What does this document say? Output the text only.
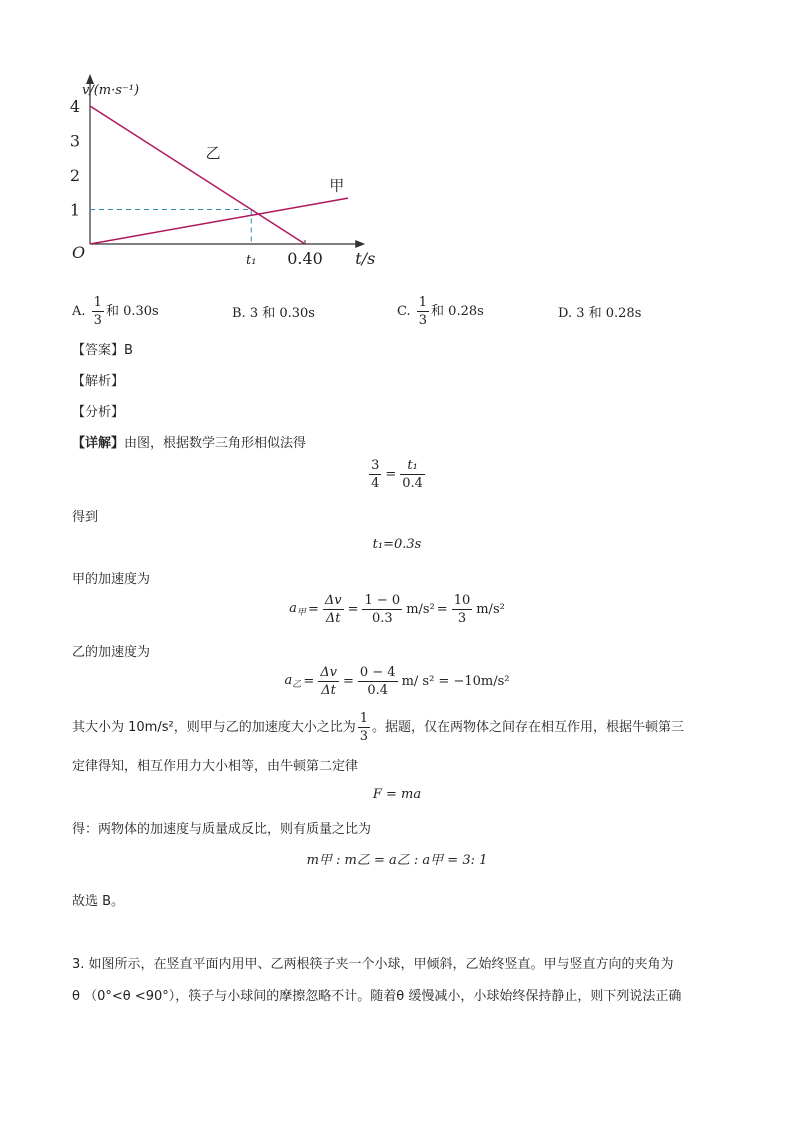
1
2
3
4
O
v/(m·s⁻¹)
t/s
t₁ 0.40
乙
甲
A. $\frac{1}{3}$ 和 0.30s	B. 3 和 0.30s	C. $\frac{1}{3}$ 和 0.28s	D. 3 和 0.28s
【答案】B
【解析】
【分析】
【详解】由图，根据数学三角形相似法得
$\frac{3}{4} = \frac{\text{t₁}}{0.4}$
得到
t₁=0.3s
甲的加速度为
$a_甲 = \frac{\Delta v}{\Delta t} = \frac{1 - 0}{0.3} m/s^2 = \frac{10}{3} m/s^2$
乙的加速度为
$a_乙 = \frac{\Delta v}{\Delta t} = \frac{0 - 4}{0.4} m/$ s² = −10m/s²
其大小为 10m/s²，则甲与乙的加速度大小之比为 $\frac{1}{3}$ 。据题，仅在两物体之间存在相互作用，根据牛顿第三
定律得知，相互作用力大小相等，由牛顿第二定律
F = ma
得：两物体的加速度与质量成反比，则有质量之比为
m甲 : m乙 = a乙 : a甲 = 3: 1
故选 B。
3. 如图所示，在竖直平面内用甲、乙两根筷子夹一个小球，甲倾斜，乙始终竖直。甲与竖直方向的夹角为
θ （0°<θ <90°），筷子与小球间的摩擦忽略不计。随着θ 缓慢减小，小球始终保持静止，则下列说法正确
